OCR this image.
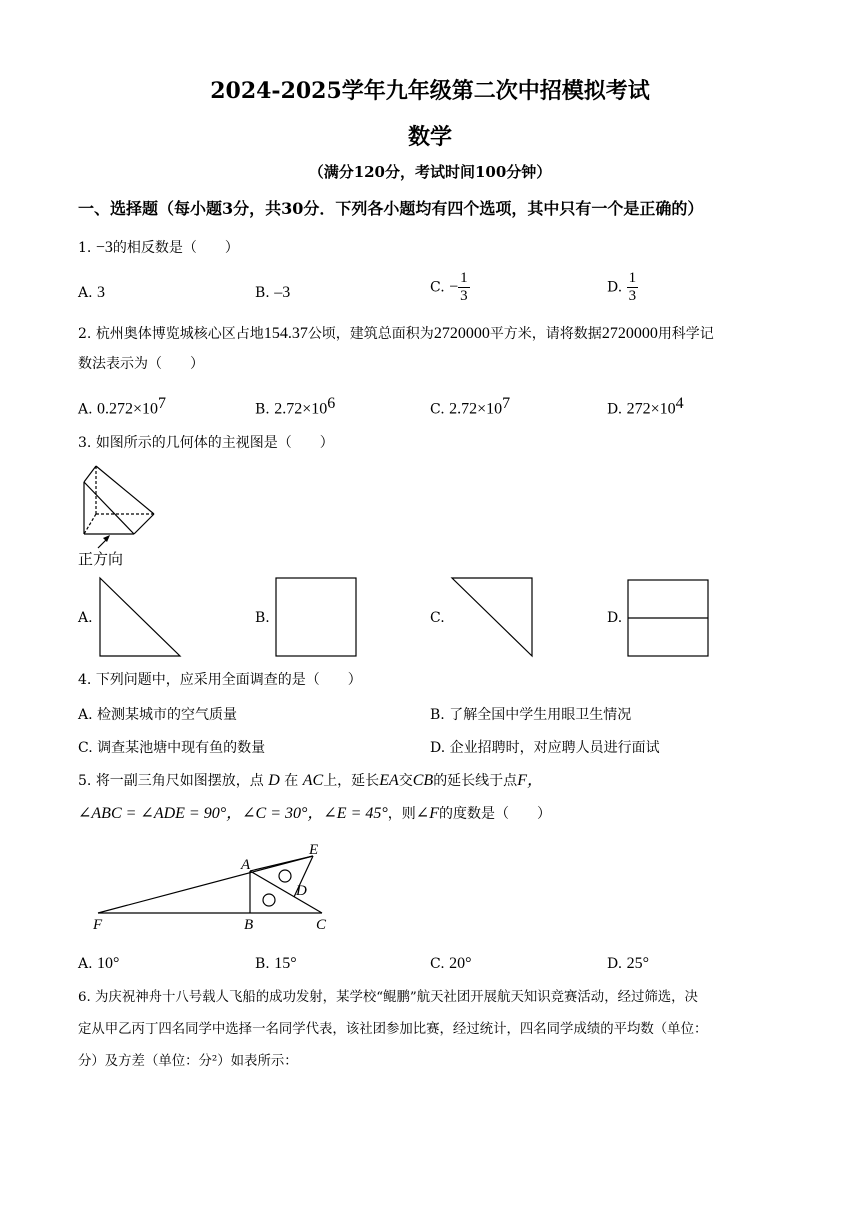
2024-2025学年九年级第二次中招模拟考试
数学
（满分120分，考试时间100分钟）
一、选择题（每小题3分，共30分．下列各小题均有四个选项，其中只有一个是正确的）
1. −3的相反数是（　　）
A. 3	B. –3	C. − $\frac{1}{3}$	D. $\frac{1}{3}$
2. 杭州奥体博览城核心区占地154.37公顷，建筑总面积为2720000平方米，请将数据2720000用科学记
数法表示为（　　）
A. $0.272\times 10^7$	B. $2.72\times 10^6$	C. $2.72\times 10^7$	D. $272\times 10^4$
3. 如图所示的几何体的主视图是（　　）
正方向
A.	B.	C.	D.
4. 下列问题中，应采用全面调查的是（　　）
A. 检测某城市的空气质量	B. 了解全国中学生用眼卫生情况
C. 调查某池塘中现有鱼的数量	D. 企业招聘时，对应聘人员进行面试
5. 将一副三角尺如图摆放，点 D 在 AC上，延长EA交CB的延长线于点F，
∠ABC = ∠ADE = 90°，∠C = 30°，∠E = 45°，则∠F的度数是（　　）
E
A
D
F	B	C
A. 10°	B. 15°	C. 20°	D. 25°
6. 为庆祝神舟十八号载人飞船的成功发射，某学校“鲲鹏”航天社团开展航天知识竞赛活动，经过筛选，决
定从甲乙丙丁四名同学中选择一名同学代表，该社团参加比赛，经过统计，四名同学成绩的平均数（单位：
分）及方差（单位：分²）如表所示：
